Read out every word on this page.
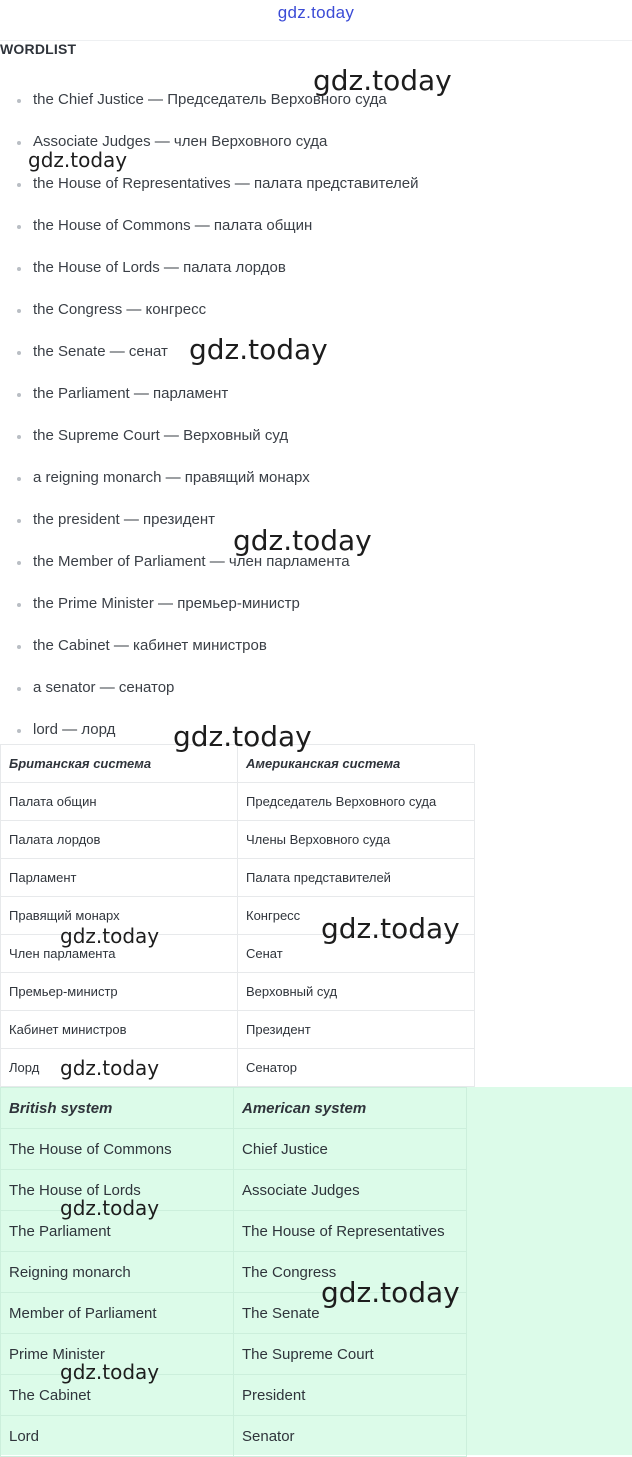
gdz.today
WORDLIST
the Chief Justice — Председатель Верховного суда
Associate Judges — член Верховного суда
the House of Representatives — палата представителей
the House of Commons — палата общин
the House of Lords — палата лордов
the Congress — конгресс
the Senate — сенат
the Parliament — парламент
the Supreme Court — Верховный суд
a reigning monarch — правящий монарх
the president — президент
the Member of Parliament — член парламента
the Prime Minister — премьер-министр
the Cabinet — кабинет министров
a senator — сенатор
lord — лорд
Британская система	Американская система
Палата общин	Председатель Верховного суда
Палата лордов	Члены Верховного суда
Парламент	Палата представителей
Правящий монарх	Конгресс
Член парламента	Сенат
Премьер-министр	Верховный суд
Кабинет министров	Президент
Лорд	Сенатор
British system	American system
The House of Commons	Chief Justice
The House of Lords	Associate Judges
The Parliament	The House of Representatives
Reigning monarch	The Congress
Member of Parliament	The Senate
Prime Minister	The Supreme Court
The Cabinet	President
Lord	Senator
gdz.today
gdz.today
gdz.today
gdz.today
gdz.today
gdz.today	gdz.today
gdz.today
gdz.today
gdz.today
gdz.today
